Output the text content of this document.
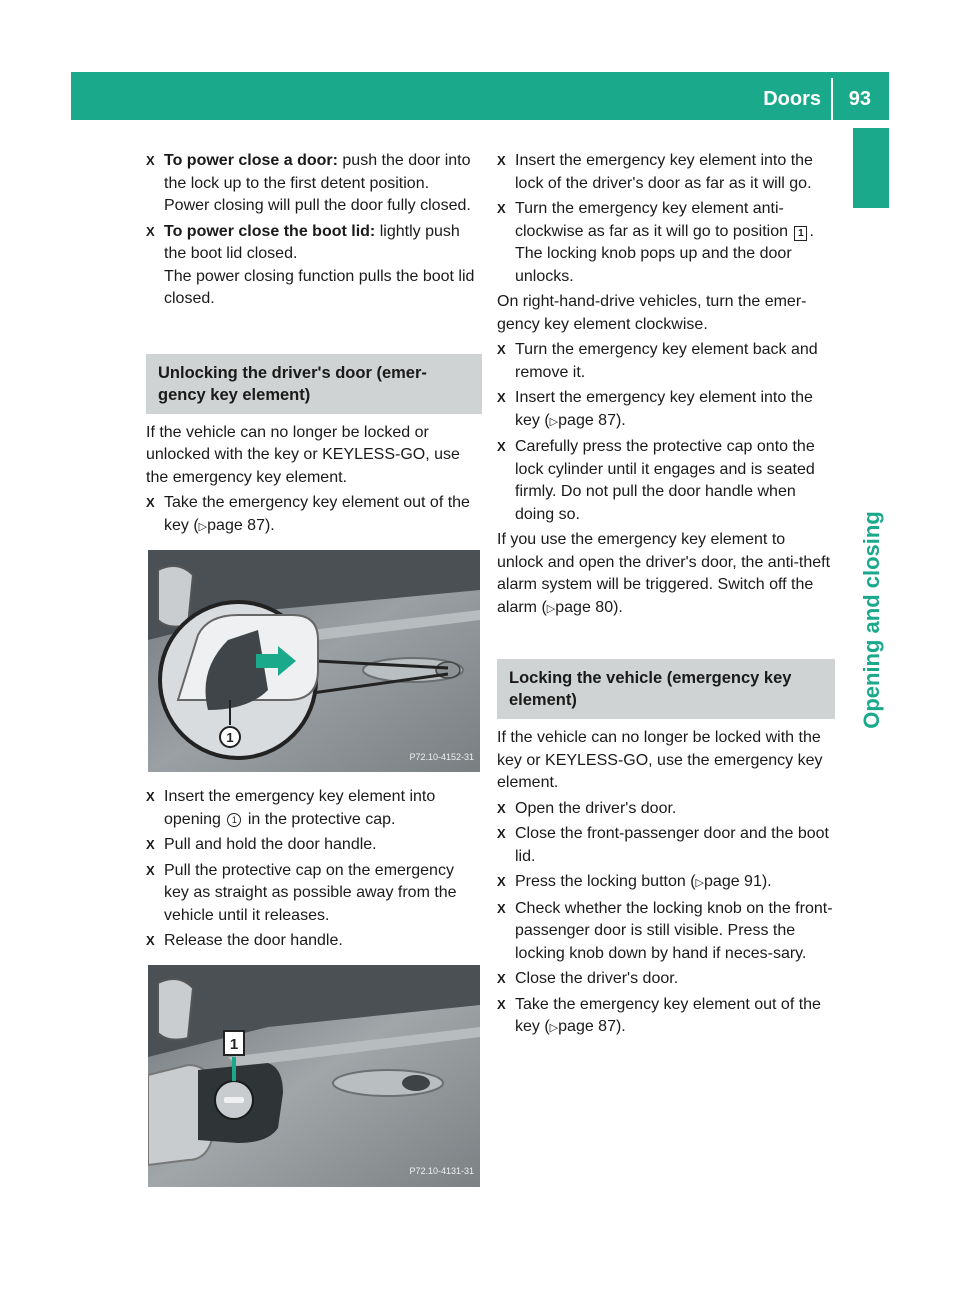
Doors 93
Opening and closing
X To power close a door: push the door into the lock up to the first detent position.
Power closing will pull the door fully closed.
X To power close the boot lid: lightly push the boot lid closed.
The power closing function pulls the boot lid closed.
Unlocking the driver's door (emer-gency key element)
If the vehicle can no longer be locked or unlocked with the key or KEYLESS-GO, use the emergency key element.
X Take the emergency key element out of the key (▷page 87).
1
P72.10-4152-31
X Insert the emergency key element into opening 1 in the protective cap.
X Pull and hold the door handle.
X Pull the protective cap on the emergency key as straight as possible away from the vehicle until it releases.
X Release the door handle.
1
P72.10-4131-31
X Insert the emergency key element into the lock of the driver's door as far as it will go.
X Turn the emergency key element anti-clockwise as far as it will go to position 1 .
The locking knob pops up and the door unlocks.
On right-hand-drive vehicles, turn the emer-gency key element clockwise.
X Turn the emergency key element back and remove it.
X Insert the emergency key element into the key (▷page 87).
X Carefully press the protective cap onto the lock cylinder until it engages and is seated firmly. Do not pull the door handle when doing so.
If you use the emergency key element to unlock and open the driver's door, the anti-theft alarm system will be triggered. Switch off the alarm (▷page 80).
Locking the vehicle (emergency key element)
If the vehicle can no longer be locked with the key or KEYLESS-GO, use the emergency key element.
X Open the driver's door.
X Close the front-passenger door and the boot lid.
X Press the locking button (▷page 91).
X Check whether the locking knob on the front-passenger door is still visible. Press the locking knob down by hand if neces-sary.
X Close the driver's door.
X Take the emergency key element out of the key (▷page 87).
